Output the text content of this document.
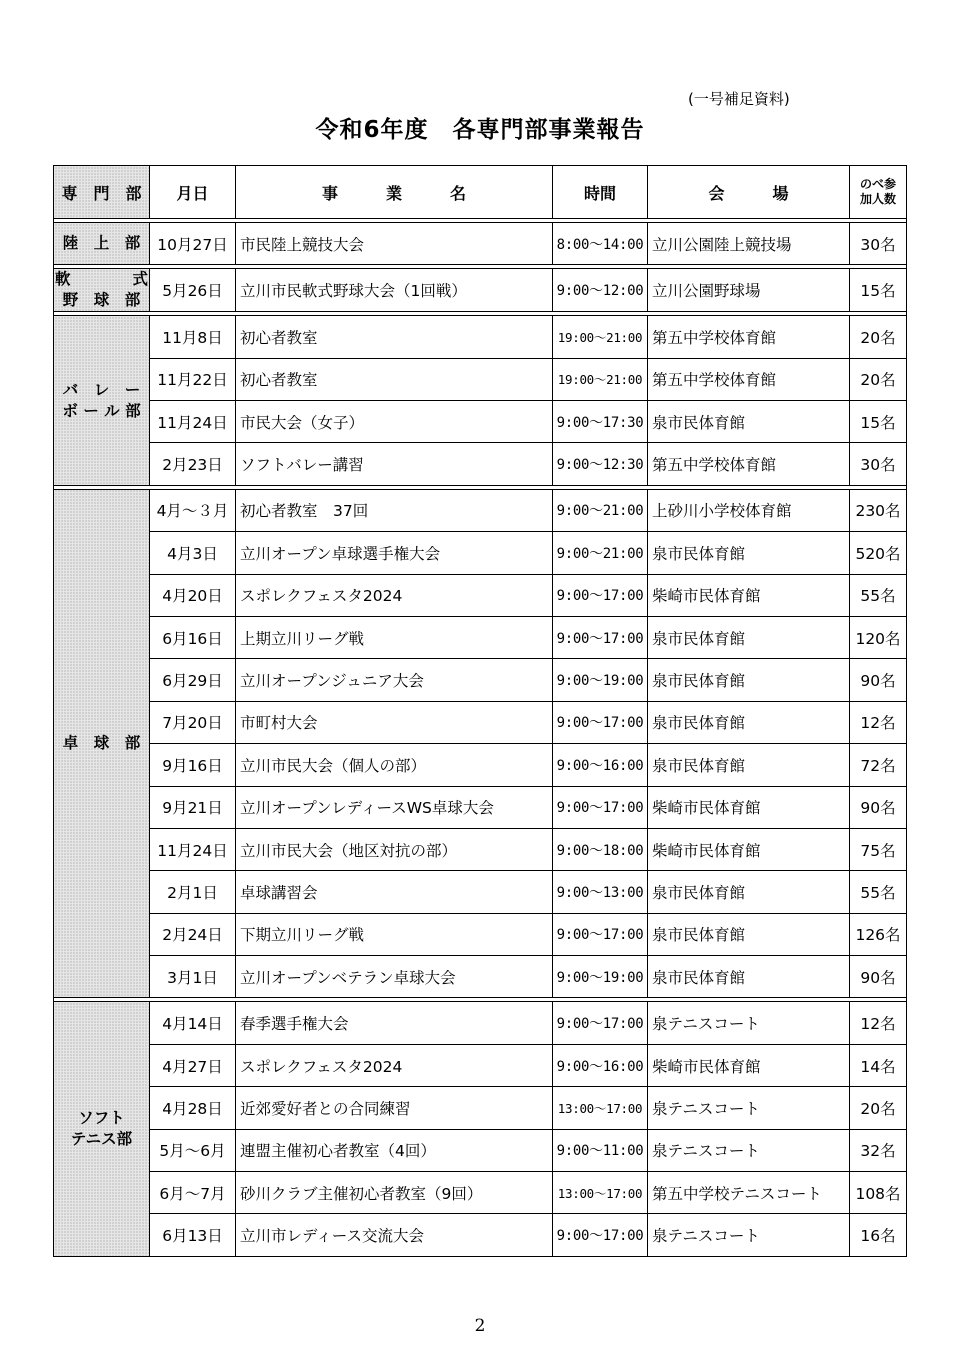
(一号補足資料)
令和6年度　各専門部事業報告
専　門　部	月日	事　　　業　　　名	時間	会　　　場	のべ参加人数

陸　上　部	10月27日	市民陸上競技大会	8:00～14:00	立川公園陸上競技場	30名

軟　　　　式
野　球　部	5月26日	立川市民軟式野球大会（1回戦）	9:00～12:00	立川公園野球場	15名

バ　レ　ー
ボ ー ル 部	11月8日	初心者教室	19:00～21:00	第五中学校体育館	20名
	11月22日	初心者教室	19:00～21:00	第五中学校体育館	20名
	11月24日	市民大会（女子）	9:00～17:30	泉市民体育館	15名
	2月23日	ソフトバレー講習	9:00～12:30	第五中学校体育館	30名

卓　球　部	4月～３月	初心者教室　37回	9:00～21:00	上砂川小学校体育館	230名
	4月3日	立川オープン卓球選手権大会	9:00～21:00	泉市民体育館	520名
	4月20日	スポレクフェスタ2024	9:00～17:00	柴崎市民体育館	55名
	6月16日	上期立川リーグ戦	9:00～17:00	泉市民体育館	120名
	6月29日	立川オープンジュニア大会	9:00～19:00	泉市民体育館	90名
	7月20日	市町村大会	9:00～17:00	泉市民体育館	12名
	9月16日	立川市民大会（個人の部）	9:00～16:00	泉市民体育館	72名
	9月21日	立川オープンレディースWS卓球大会	9:00～17:00	柴崎市民体育館	90名
	11月24日	立川市民大会（地区対抗の部）	9:00～18:00	柴崎市民体育館	75名
	2月1日	卓球講習会	9:00～13:00	泉市民体育館	55名
	2月24日	下期立川リーグ戦	9:00～17:00	泉市民体育館	126名
	3月1日	立川オープンベテラン卓球大会	9:00～19:00	泉市民体育館	90名

ソフト
テニス部	4月14日	春季選手権大会	9:00～17:00	泉テニスコート	12名
	4月27日	スポレクフェスタ2024	9:00～16:00	柴崎市民体育館	14名
	4月28日	近郊愛好者との合同練習	13:00～17:00	泉テニスコート	20名
	5月～6月	連盟主催初心者教室（4回）	9:00～11:00	泉テニスコート	32名
	6月～7月	砂川クラブ主催初心者教室（9回）	13:00～17:00	第五中学校テニスコート	108名
	6月13日	立川市レディース交流大会	9:00～17:00	泉テニスコート	16名
2
